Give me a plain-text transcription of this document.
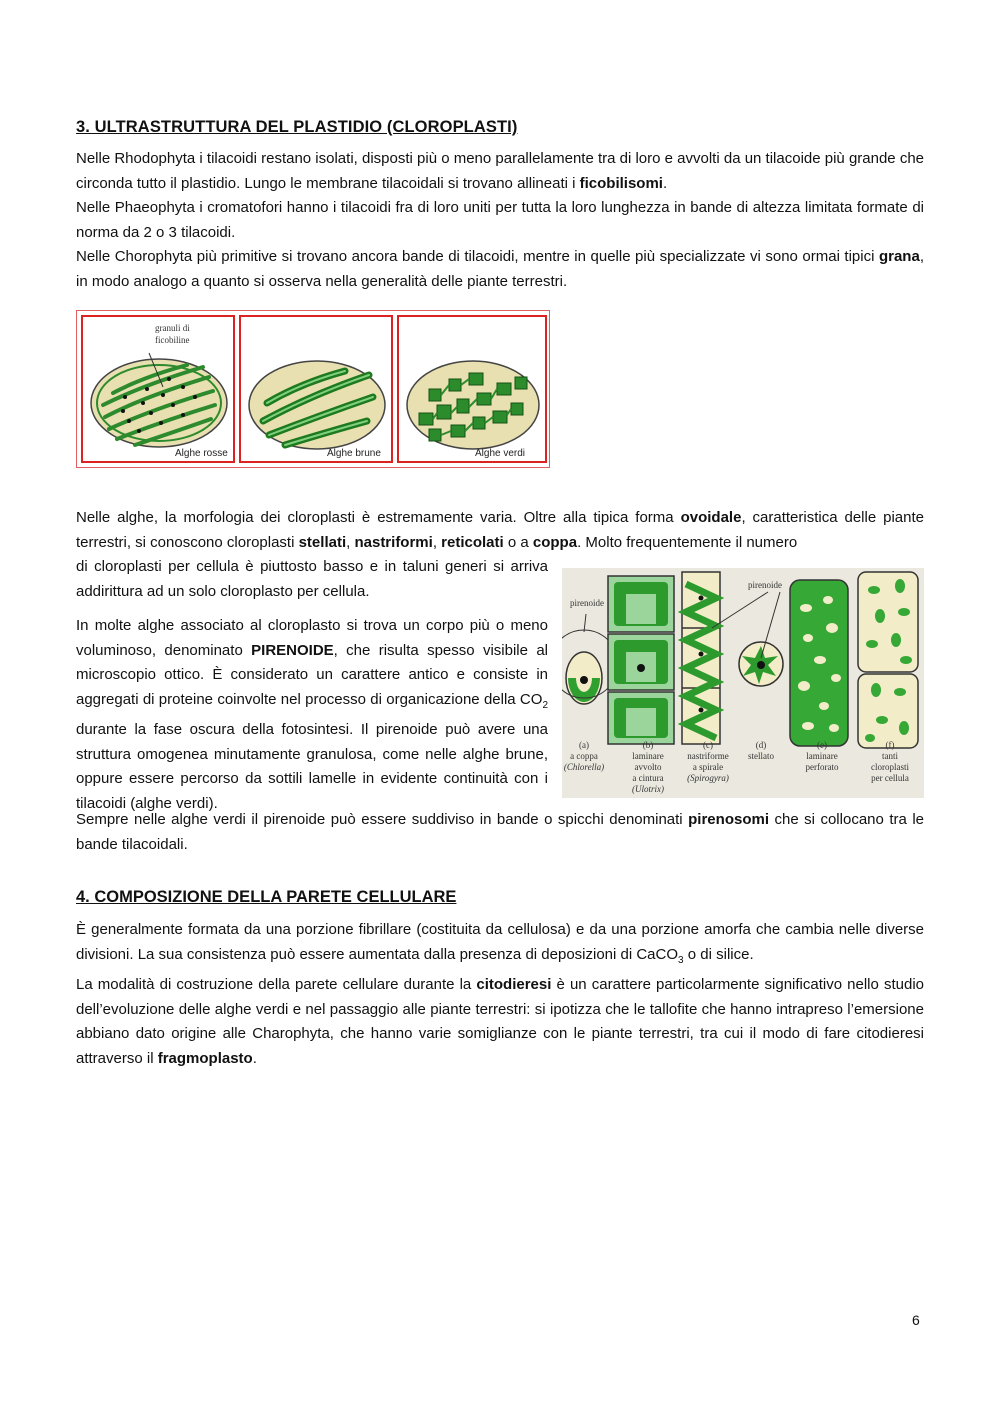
3. ULTRASTRUTTURA DEL PLASTIDIO (CLOROPLASTI)

Nelle Rhodophyta i tilacoidi restano isolati, disposti più o meno parallelamente tra di loro e avvolti da un tilacoide più grande che circonda tutto il plastidio. Lungo le membrane tilacoidali si trovano allineati i ficobilisomi.

Nelle Phaeophyta i cromatofori hanno i tilacoidi fra di loro uniti per tutta la loro lunghezza in bande di altezza limitata formate di norma da 2 o 3 tilacoidi.

Nelle Chorophyta più primitive si trovano ancora bande di tilacoidi, mentre in quelle più specializzate vi sono ormai tipici grana, in modo analogo a quanto si osserva nella generalità delle piante terrestri.

granuli di
ficobiline
Alghe rosse	Alghe brune	Alghe verdi
Nelle alghe, la morfologia dei cloroplasti è estremamente varia. Oltre alla tipica forma ovoidale, caratteristica delle piante terrestri, si conoscono cloroplasti stellati, nastriformi, reticolati o a coppa. Molto frequentemente il numero
di cloroplasti per cellula è piuttosto basso e in taluni generi si arriva addirittura ad un solo cloroplasto per cellula.
In molte alghe associato al cloroplasto si trova un corpo più o meno voluminoso, denominato PIRENOIDE, che risulta spesso visibile al microscopio ottico. È considerato un carattere antico e consiste in aggregati di proteine coinvolte nel processo di organicazione della $CO_2$ durante la fase oscura della fotosintesi. Il pirenoide può avere una struttura omogenea minutamente granulosa, come nelle alghe brune, oppure essere percorso da sottili lamelle in evidente continuità con i tilacoidi (alghe verdi).
Sempre nelle alghe verdi il pirenoide può essere suddiviso in bande o spicchi denominati pirenosomi che si collocano tra le bande tilacoidali.
pirenoide
pirenoide
(a)
a coppa
(Chlorella)
(b)
laminare
avvolto
a cintura
(Ulotrix)
(c)
nastriforme
a spirale
(Spirogyra)
(d)
stellato
(e)
laminare
perforato
(f)
tanti
cloroplasti
per cellula
4. COMPOSIZIONE DELLA PARETE CELLULARE
È generalmente formata da una porzione fibrillare (costituita da cellulosa) e da una porzione amorfa che cambia nelle diverse divisioni. La sua consistenza può essere aumentata dalla presenza di deposizioni di CaCO$_3$ o di silice.
La modalità di costruzione della parete cellulare durante la citodieresi è un carattere particolarmente significativo nello studio dell’evoluzione delle alghe verdi e nel passaggio alle piante terrestri: si ipotizza che le tallofite che hanno intrapreso l’emersione abbiano dato origine alle Charophyta, che hanno varie somiglianze con le piante terrestri, tra cui il modo di fare citodieresi attraverso il fragmoplasto.
6
